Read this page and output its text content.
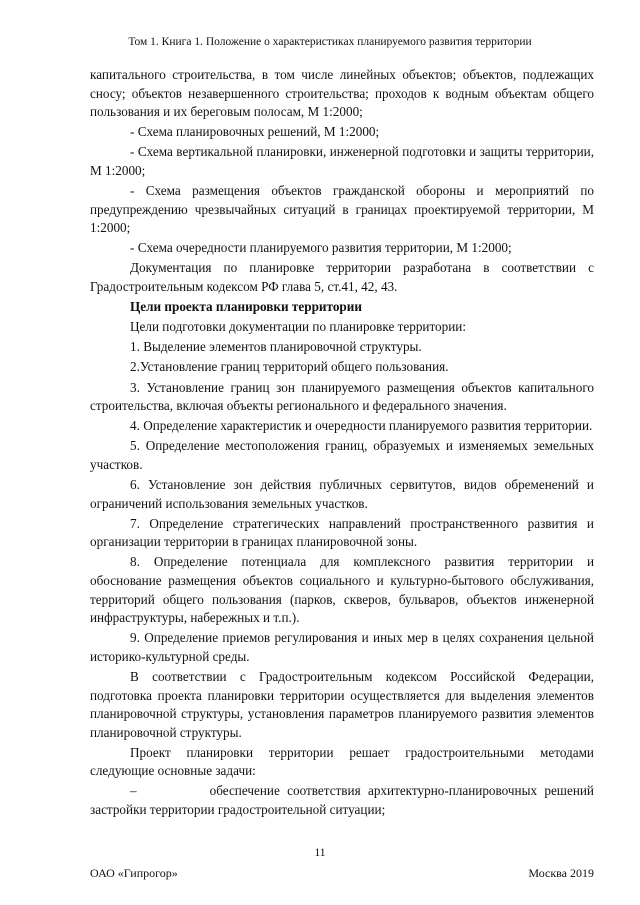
Том 1. Книга 1. Положение о характеристиках планируемого развития территории

капитального строительства, в том числе линейных объектов; объектов, подлежащих сносу; объектов незавершенного строительства; проходов к водным объектам общего пользования и их береговым полосам, М 1:2000;

- Схема планировочных решений, М 1:2000;

- Схема вертикальной планировки, инженерной подготовки и защиты территории, М 1:2000;

- Схема размещения объектов гражданской обороны и мероприятий по предупреждению чрезвычайных ситуаций в границах проектируемой территории, М 1:2000;

- Схема очередности планируемого развития территории, М 1:2000;

Документация по планировке территории разработана в соответствии с Градостроительным кодексом РФ глава 5, ст.41, 42, 43.

Цели проекта планировки территории

Цели подготовки документации по планировке территории:

1. Выделение элементов планировочной структуры.

2.Установление границ территорий общего пользования.

3. Установление границ зон планируемого размещения объектов капитального строительства, включая объекты регионального и федерального значения.

4. Определение характеристик и очередности планируемого развития территории.

5. Определение местоположения границ, образуемых и изменяемых земельных участков.

6. Установление зон действия публичных сервитутов, видов обременений и ограничений использования земельных участков.

7. Определение стратегических направлений пространственного развития и организации территории в границах планировочной зоны.

8. Определение потенциала для комплексного развития территории и обоснование размещения объектов социального и культурно-бытового обслуживания, территорий общего пользования (парков, скверов, бульваров, объектов инженерной инфраструктуры, набережных и т.п.).

9. Определение приемов регулирования и иных мер в целях сохранения цельной историко-культурной среды.

В соответствии с Градостроительным кодексом Российской Федерации, подготовка проекта планировки территории осуществляется для выделения элементов планировочной структуры, установления параметров планируемого развития элементов планировочной структуры.

Проект планировки территории решает градостроительными методами следующие основные задачи:

–          обеспечение соответствия архитектурно-планировочных решений застройки территории градостроительной ситуации;

11
ОАО «Гипрогор»	Москва 2019
